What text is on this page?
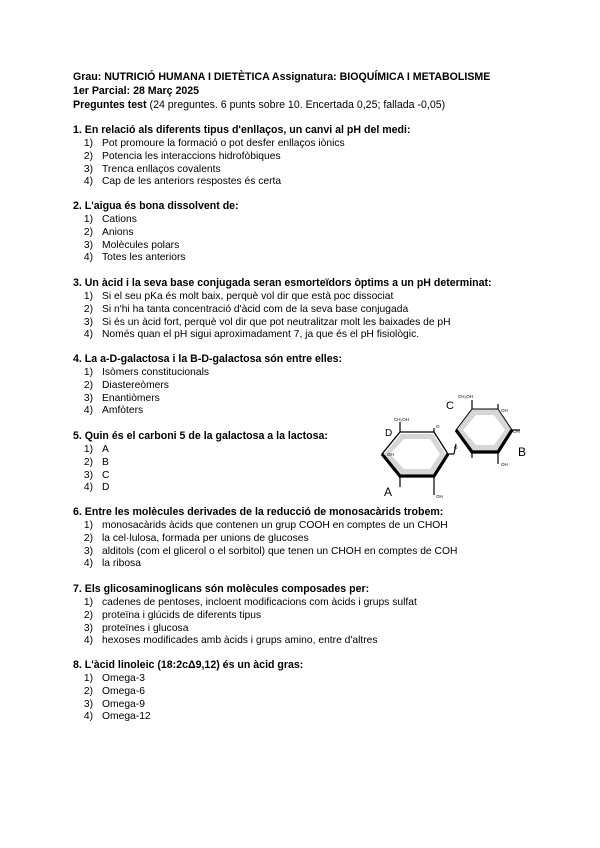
Grau: NUTRICIÓ HUMANA I DIETÈTICA Assignatura: BIOQUÍMICA I METABOLISME
1er Parcial: 28 Març 2025
Preguntes test (24 preguntes. 6 punts sobre 10. Encertada 0,25; fallada -0,05)
1. En relació als diferents tipus d'enllaços, un canvi al pH del medi:
1) Pot promoure la formació o pot desfer enllaços iònics
2) Potencia les interaccions hidrofòbiques
3) Trenca enllaços covalents
4) Cap de les anteriors respostes és certa
2. L'aigua és bona dissolvent de:
1) Cations
2) Anions
3) Molècules polars
4) Totes les anteriors
3. Un àcid i la seva base conjugada seran esmorteïdors òptims a un pH determinat:
1) Si el seu pKa és molt baix, perquè vol dir que està poc dissociat
2) Si n'hi ha tanta concentració d'àcid com de la seva base conjugada
3) Si és un àcid fort, perquè vol dir que pot neutralitzar molt les baixades de pH
4) Només quan el pH sigui aproximadament 7, ja que és el pH fisiològic.
4. La a-D-galactosa i la B-D-galactosa són entre elles:
1) Isòmers constitucionals
2) Diastereòmers
3) Enantiòmers
4) Amfòters
5. Quin és el carboni 5 de la galactosa a la lactosa:
1) A
2) B
3) C
4) D
CH₂OH
OH
OH
OH
CH₂OH
O
O
OH
OH
A
B
C
D
6. Entre les molècules derivades de la reducció de monosacàrids trobem:
1) monosacàrids àcids que contenen un grup COOH en comptes de un CHOH
2) la cel·lulosa, formada per unions de glucoses
3) alditols (com el glicerol o el sorbitol) que tenen un CHOH en comptes de COH
4) la ribosa
7. Els glicosaminoglicans són molècules composades per:
1) cadenes de pentoses, incloent modificacions com àcids i grups sulfat
2) proteïna i glúcids de diferents tipus
3) proteïnes i glucosa
4) hexoses modificades amb àcids i grups amino, entre d'altres
8. L'àcid linoleic (18:2cΔ9,12) és un àcid gras:
1) Omega-3
2) Omega-6
3) Omega-9
4) Omega-12
